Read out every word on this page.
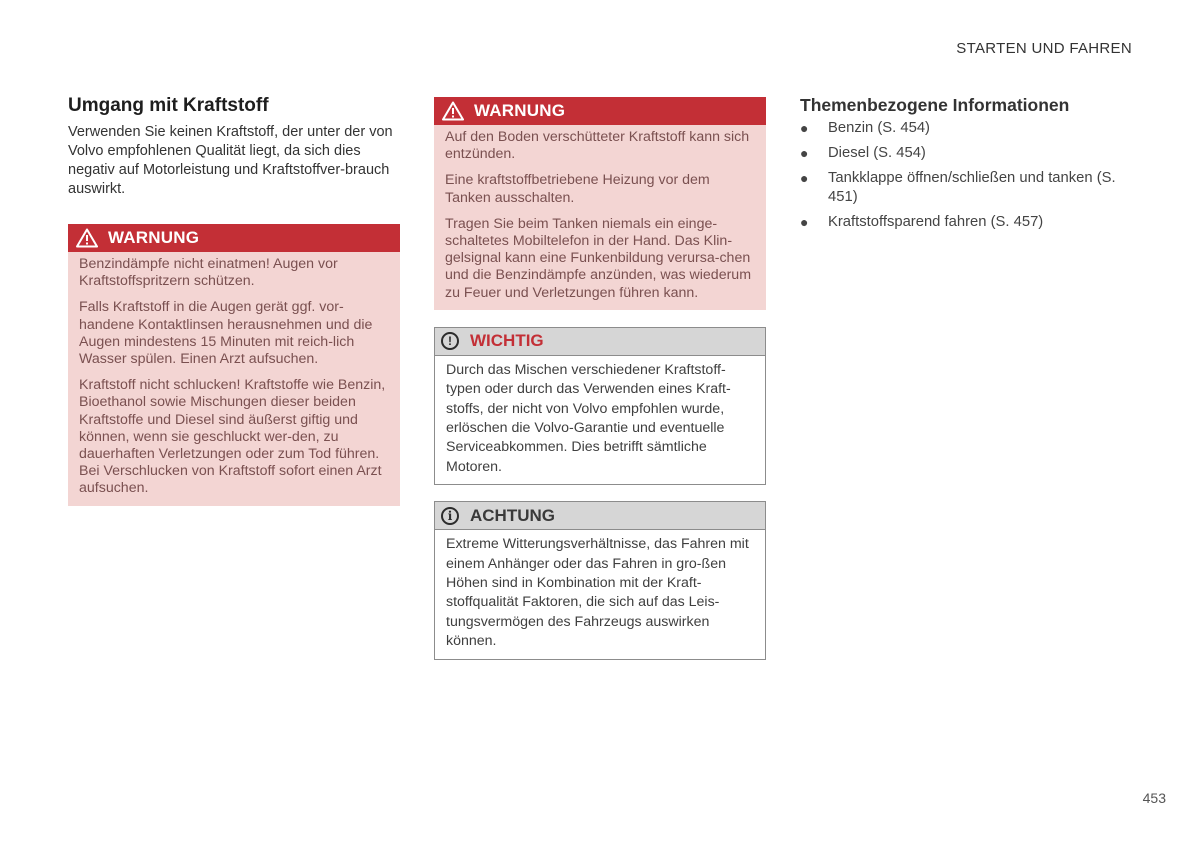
STARTEN UND FAHREN
Umgang mit Kraftstoff

Verwenden Sie keinen Kraftstoff, der unter der von Volvo empfohlenen Qualität liegt, da sich dies negativ auf Motorleistung und Kraftstoffver-brauch auswirkt.

WARNUNG

Benzindämpfe nicht einatmen! Augen vor Kraftstoffspritzern schützen.

Falls Kraftstoff in die Augen gerät ggf. vor-handene Kontaktlinsen herausnehmen und die Augen mindestens 15 Minuten mit reich-lich Wasser spülen. Einen Arzt aufsuchen.

Kraftstoff nicht schlucken! Kraftstoffe wie Benzin, Bioethanol sowie Mischungen dieser beiden Kraftstoffe und Diesel sind äußerst giftig und können, wenn sie geschluckt wer-den, zu dauerhaften Verletzungen oder zum Tod führen. Bei Verschlucken von Kraftstoff sofort einen Arzt aufsuchen.

WARNUNG

Auf den Boden verschütteter Kraftstoff kann sich entzünden.

Eine kraftstoffbetriebene Heizung vor dem Tanken ausschalten.

Tragen Sie beim Tanken niemals ein einge-schaltetes Mobiltelefon in der Hand. Das Klin-gelsignal kann eine Funkenbildung verursa-chen und die Benzindämpfe anzünden, was wiederum zu Feuer und Verletzungen führen kann.

!	WICHTIG

Durch das Mischen verschiedener Kraftstoff-typen oder durch das Verwenden eines Kraft-stoffs, der nicht von Volvo empfohlen wurde, erlöschen die Volvo-Garantie und eventuelle Serviceabkommen. Dies betrifft sämtliche Motoren.

i	ACHTUNG

Extreme Witterungsverhältnisse, das Fahren mit einem Anhänger oder das Fahren in gro-ßen Höhen sind in Kombination mit der Kraft-stoffqualität Faktoren, die sich auf das Leis-tungsvermögen des Fahrzeugs auswirken können.

Themenbezogene Informationen
● Benzin (S. 454)
● Diesel (S. 454)
● Tankklappe öffnen/schließen und tanken (S. 451)
● Kraftstoffsparend fahren (S. 457)
453
